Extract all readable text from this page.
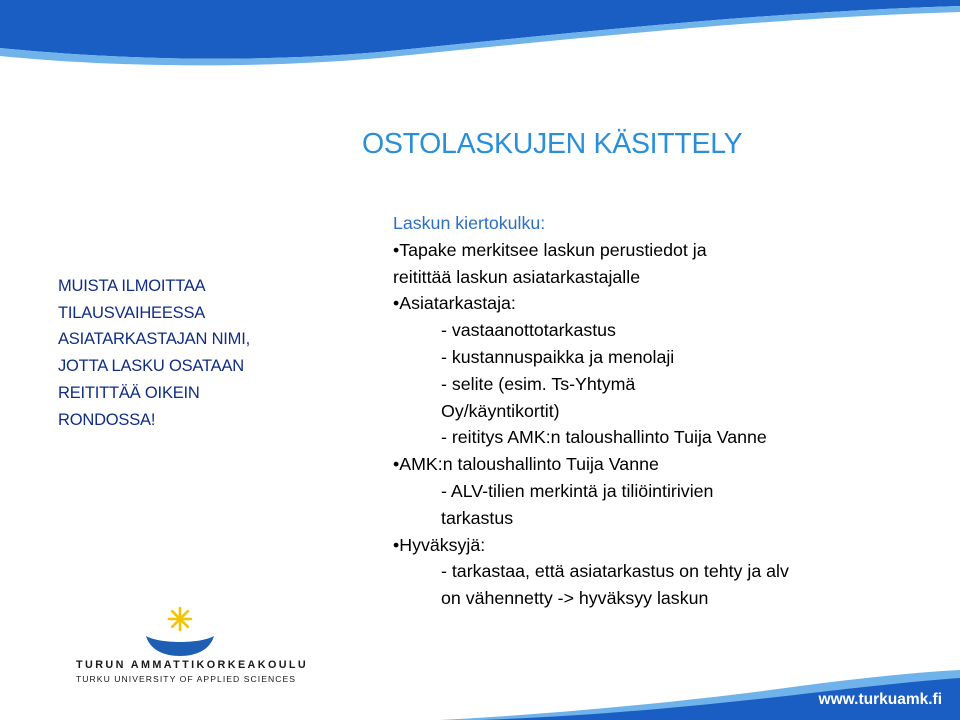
OSTOLASKUJEN KÄSITTELY
MUISTA ILMOITTAA
TILAUSVAIHEESSA
ASIATARKASTAJAN NIMI,
JOTTA LASKU OSATAAN
REITITTÄÄ OIKEIN
RONDOSSA!
Laskun kiertokulku:
•Tapake merkitsee laskun perustiedot ja
reitittää laskun asiatarkastajalle
•Asiatarkastaja:
- vastaanottotarkastus
- kustannuspaikka ja menolaji
- selite (esim. Ts-Yhtymä
Oy/käyntikortit)
- reititys AMK:n taloushallinto Tuija Vanne
•AMK:n taloushallinto Tuija Vanne
- ALV-tilien merkintä ja tiliöintirivien
tarkastus
•Hyväksyjä:
- tarkastaa, että asiatarkastus on tehty ja alv
on vähennetty -> hyväksyy laskun
TURUN AMMATTIKORKEAKOULU
TURKU UNIVERSITY OF APPLIED SCIENCES
www.turkuamk.fi
